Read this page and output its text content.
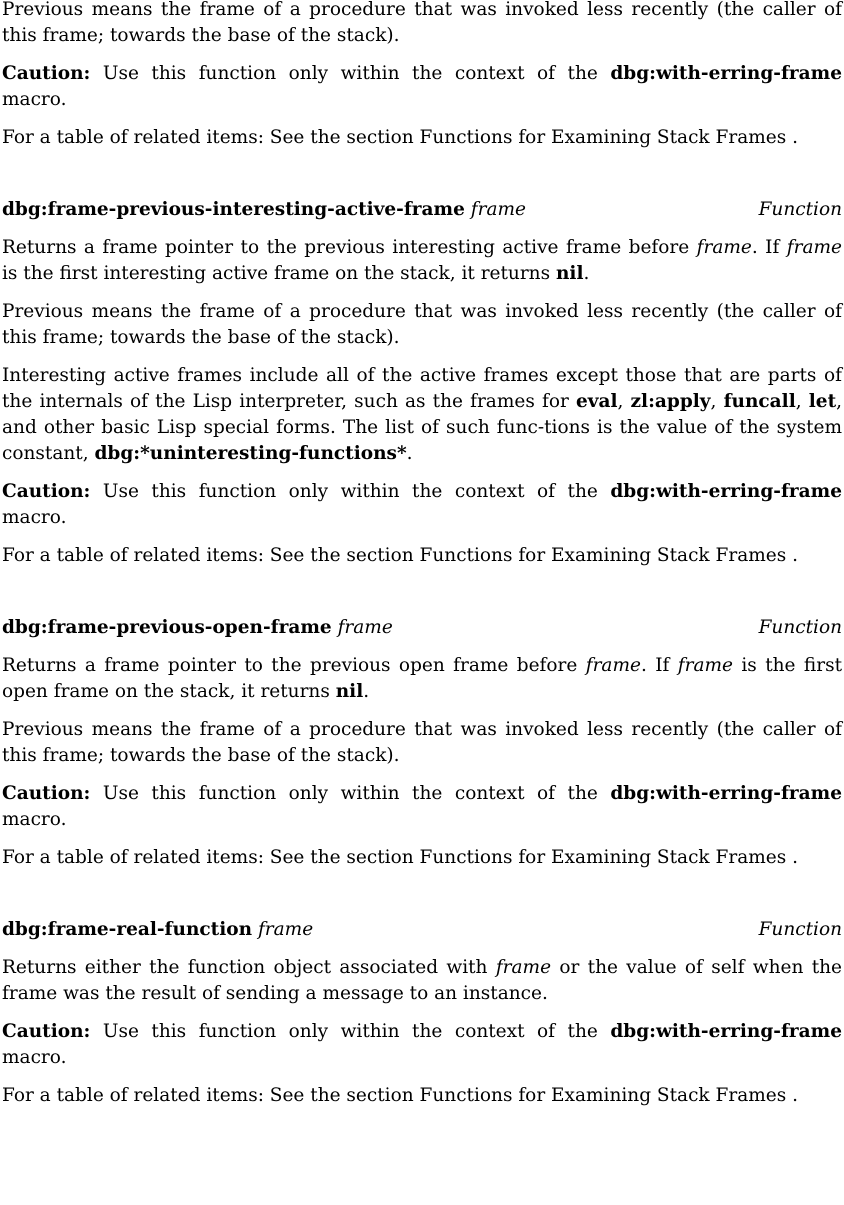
Previous means the frame of a procedure that was invoked less recently (the caller of this frame; towards the base of the stack).

Caution: Use this function only within the context of the dbg:with-erring-frame macro.

For a table of related items: See the section Functions for Examining Stack Frames .

dbg:frame-previous-interesting-active-frame frame	Function

Returns a frame pointer to the previous interesting active frame before frame. If frame is the first interesting active frame on the stack, it returns nil.

Previous means the frame of a procedure that was invoked less recently (the caller of this frame; towards the base of the stack).

Interesting active frames include all of the active frames except those that are parts of the internals of the Lisp interpreter, such as the frames for eval, zl:apply, funcall, let, and other basic Lisp special forms. The list of such func-tions is the value of the system constant, dbg:*uninteresting-functions*.

Caution: Use this function only within the context of the dbg:with-erring-frame macro.

For a table of related items: See the section Functions for Examining Stack Frames .

dbg:frame-previous-open-frame frame	Function

Returns a frame pointer to the previous open frame before frame. If frame is the first open frame on the stack, it returns nil.

Previous means the frame of a procedure that was invoked less recently (the caller of this frame; towards the base of the stack).

Caution: Use this function only within the context of the dbg:with-erring-frame macro.

For a table of related items: See the section Functions for Examining Stack Frames .

dbg:frame-real-function frame	Function

Returns either the function object associated with frame or the value of self when the frame was the result of sending a message to an instance.

Caution: Use this function only within the context of the dbg:with-erring-frame macro.

For a table of related items: See the section Functions for Examining Stack Frames .
